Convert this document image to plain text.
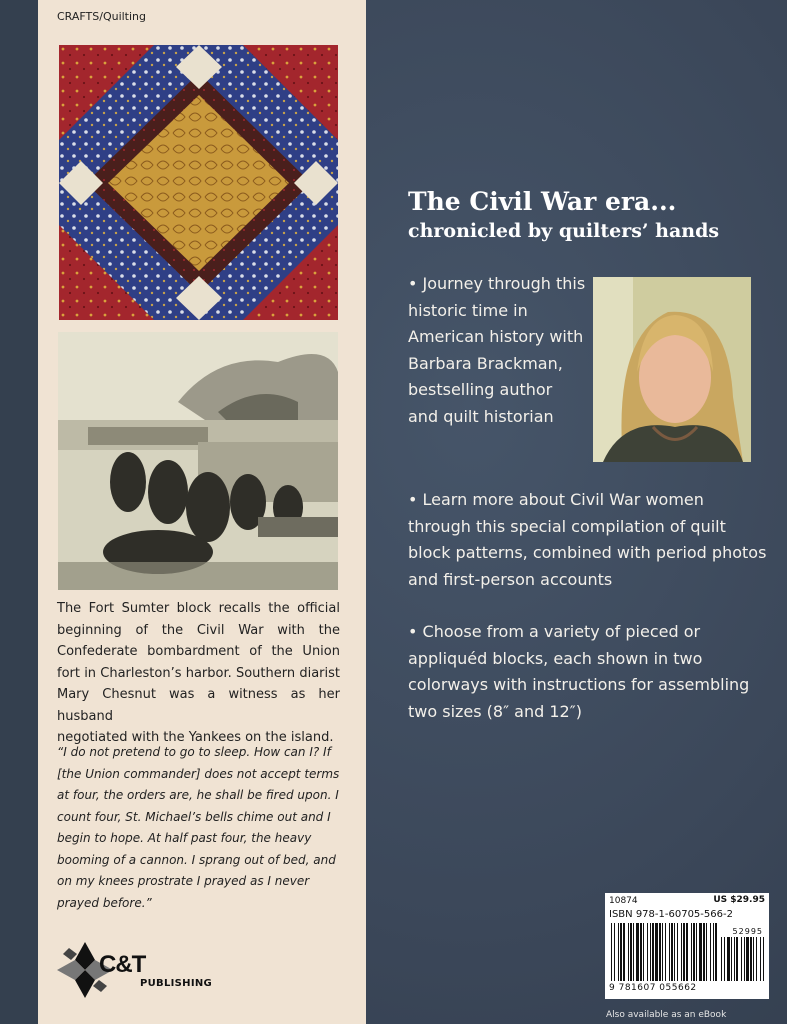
CRAFTS/Quilting
The Fort Sumter block recalls the official
beginning of the Civil War with the
Confederate bombardment of the Union
fort in Charleston’s harbor. Southern diarist
Mary Chesnut was a witness as her husband
negotiated with the Yankees on the island.
“I do not pretend to go to sleep. How can I? If [the Union commander] does not accept terms at four, the orders are, he shall be fired upon. I count four, St. Michael’s bells chime out and I begin to hope. At half past four, the heavy booming of a cannon. I sprang out of bed, and on my knees prostrate I prayed as I never prayed before.”
C&T
PUBLISHING
The Civil War era...
chronicled by quilters’ hands
• Journey through this historic time in American history with Barbara Brackman, bestselling author and quilt historian
• Learn more about Civil War women through this special compilation of quilt block patterns, combined with period photos and first-person accounts
• Choose from a variety of pieced or appliquéd blocks, each shown in two colorways with instructions for assembling two sizes (8″ and 12″)
10874	US $29.95
ISBN 978-1-60705-566-2
52995
9 781607 055662
Also available as an eBook
